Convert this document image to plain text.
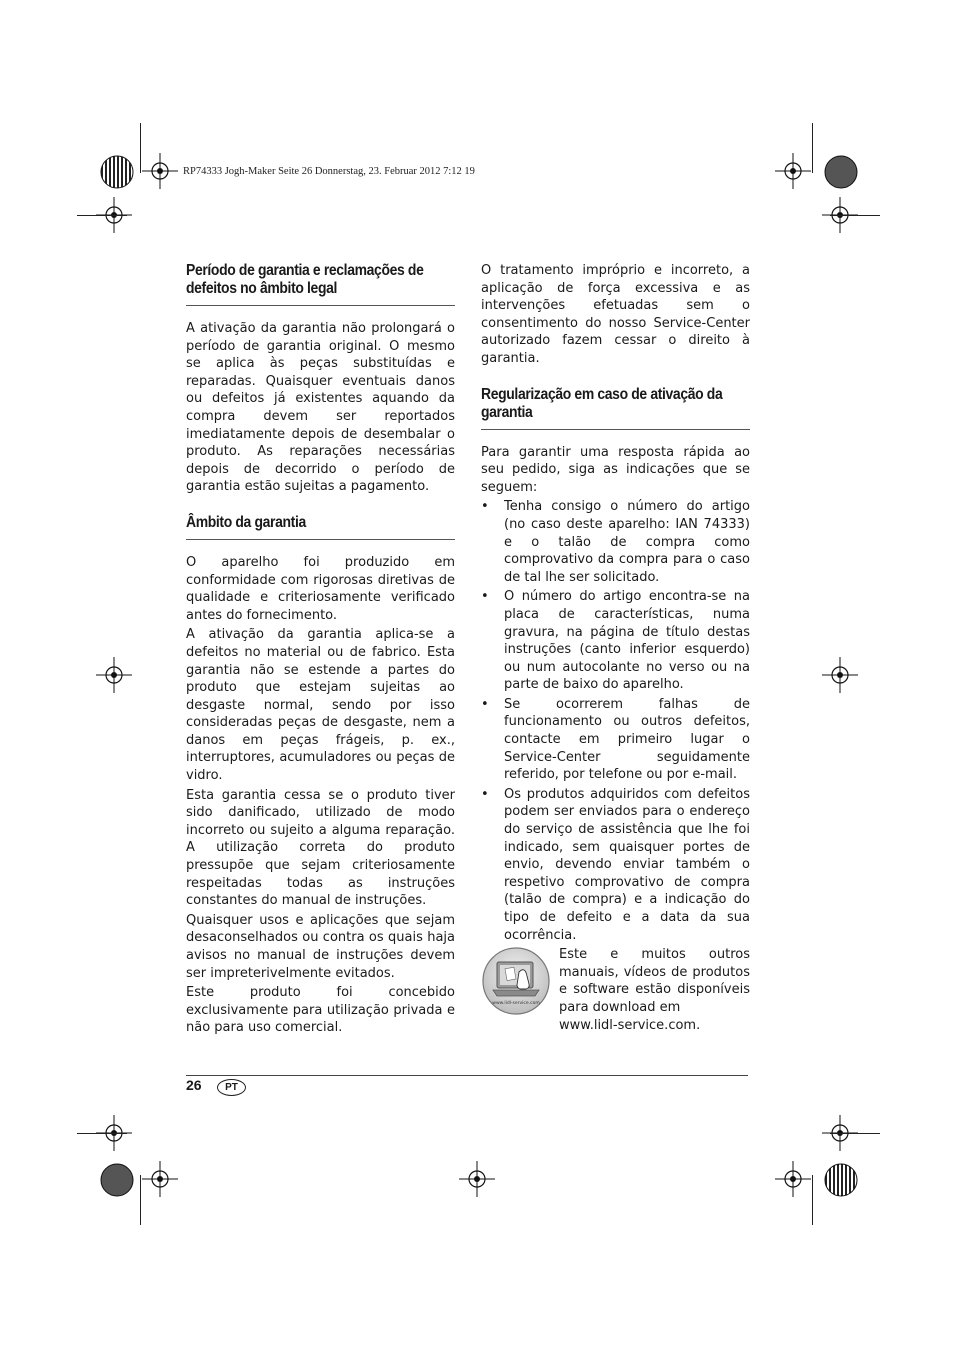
RP74333 Jogh-Maker Seite 26 Donnerstag, 23. Februar 2012 7:12 19
Período de garantia e reclamações de defeitos no âmbito legal

A ativação da garantia não prolongará o período de garantia original. O mesmo se aplica às peças substituídas e reparadas. Quaisquer eventuais danos ou defeitos já existentes aquando da compra devem ser reportados imediatamente depois de desembalar o produto. As reparações necessárias depois de decorrido o período de garantia estão sujeitas a pagamento.

Âmbito da garantia

O aparelho foi produzido em conformidade com rigorosas diretivas de qualidade e criteriosamente verificado antes do fornecimento.

A ativação da garantia aplica-se a defeitos no material ou de fabrico. Esta garantia não se estende a partes do produto que estejam sujeitas ao desgaste normal, sendo por isso consideradas peças de desgaste, nem a danos em peças frágeis, p. ex., interruptores, acumuladores ou peças de vidro.

Esta garantia cessa se o produto tiver sido danificado, utilizado de modo incorreto ou sujeito a alguma reparação. A utilização correta do produto pressupõe que sejam criteriosamente respeitadas todas as instruções constantes do manual de instruções.

Quaisquer usos e aplicações que sejam desaconselhados ou contra os quais haja avisos no manual de instruções devem ser impreterivelmente evitados.

Este produto foi concebido exclusivamente para utilização privada e não para uso comercial.

O tratamento impróprio e incorreto, a aplicação de força excessiva e as intervenções efetuadas sem o consentimento do nosso Service-Center autorizado fazem cessar o direito à garantia.

Regularização em caso de ativação da garantia

Para garantir uma resposta rápida ao seu pedido, siga as indicações que se seguem:

• Tenha consigo o número do artigo (no caso deste aparelho: IAN 74333) e o talão de compra como comprovativo da compra para o caso de tal lhe ser solicitado.
• O número do artigo encontra-se na placa de características, numa gravura, na página de título destas instruções (canto inferior esquerdo) ou num autocolante no verso ou na parte de baixo do aparelho.
• Se ocorrerem falhas de funcionamento ou outros defeitos, contacte em primeiro lugar o Service-Center seguidamente referido, por telefone ou por e-mail.
• Os produtos adquiridos com defeitos podem ser enviados para o endereço do serviço de assistência que lhe foi indicado, sem quaisquer portes de envio, devendo enviar também o respetivo comprovativo de compra (talão de compra) e a indicação do tipo de defeito e a data da sua ocorrência.
www.lidl-service.com

Este e muitos outros manuais, vídeos de produtos e software estão disponíveis para download em

www.lidl-service.com.

26	PT
